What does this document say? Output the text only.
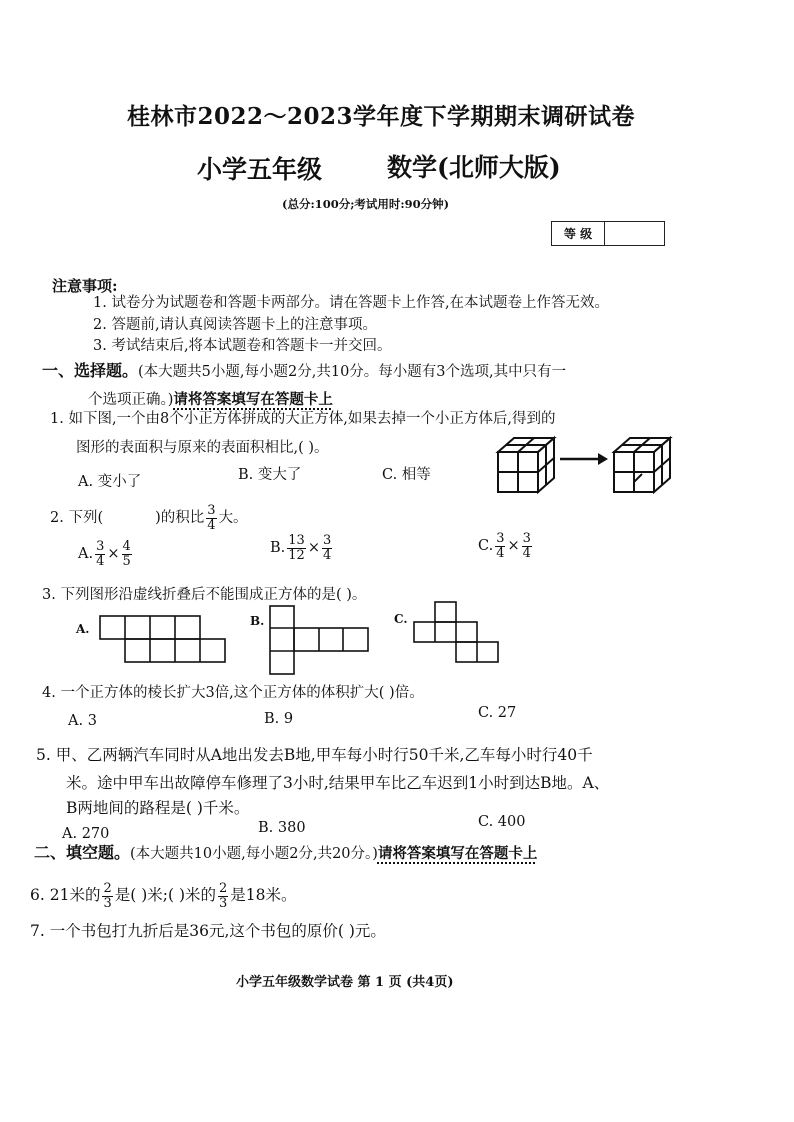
桂林市2022～2023学年度下学期期末调研试卷
小学五年级	数学(北师大版)
(总分:100分;考试用时:90分钟)
等 级
注意事项:
1. 试卷分为试题卷和答题卡两部分。请在答题卡上作答,在本试题卷上作答无效。
2. 答题前,请认真阅读答题卡上的注意事项。
3. 考试结束后,将本试题卷和答题卡一并交回。
一、选择题。(本大题共5小题,每小题2分,共10分。每小题有3个选项,其中只有一
个选项正确。)请将答案填写在答题卡上
1. 如下图,一个由8个小正方体拼成的大正方体,如果去掉一个小正方体后,得到的
图形的表面积与原来的表面积相比,( )。
A. 变小了	B. 变大了	C. 相等
2. 下列(	)的积比 $\frac{3}{4}$ 大。
A. $\frac{3}{4} \times \frac{4}{5}$	B. $\frac{13}{12} \times \frac{3}{4}$	C. $\frac{3}{4} \times \frac{3}{4}$
3. 下列图形沿虚线折叠后不能围成正方体的是( )。
A.
B.	C.
4. 一个正方体的棱长扩大3倍,这个正方体的体积扩大( )倍。
A. 3	B. 9	C. 27
5. 甲、乙两辆汽车同时从A地出发去B地,甲车每小时行50千米,乙车每小时行40千
米。途中甲车出故障停车修理了3小时,结果甲车比乙车迟到1小时到达B地。A、
B两地间的路程是( )千米。
A. 270	B. 380	C. 400
二、填空题。(本大题共10小题,每小题2分,共20分。)请将答案填写在答题卡上
6. 21米的 $\frac{2}{3}$ 是( )米;( )米的 $\frac{2}{3}$ 是18米。
7. 一个书包打九折后是36元,这个书包的原价( )元。
小学五年级数学试卷 第 1 页 (共4页)
